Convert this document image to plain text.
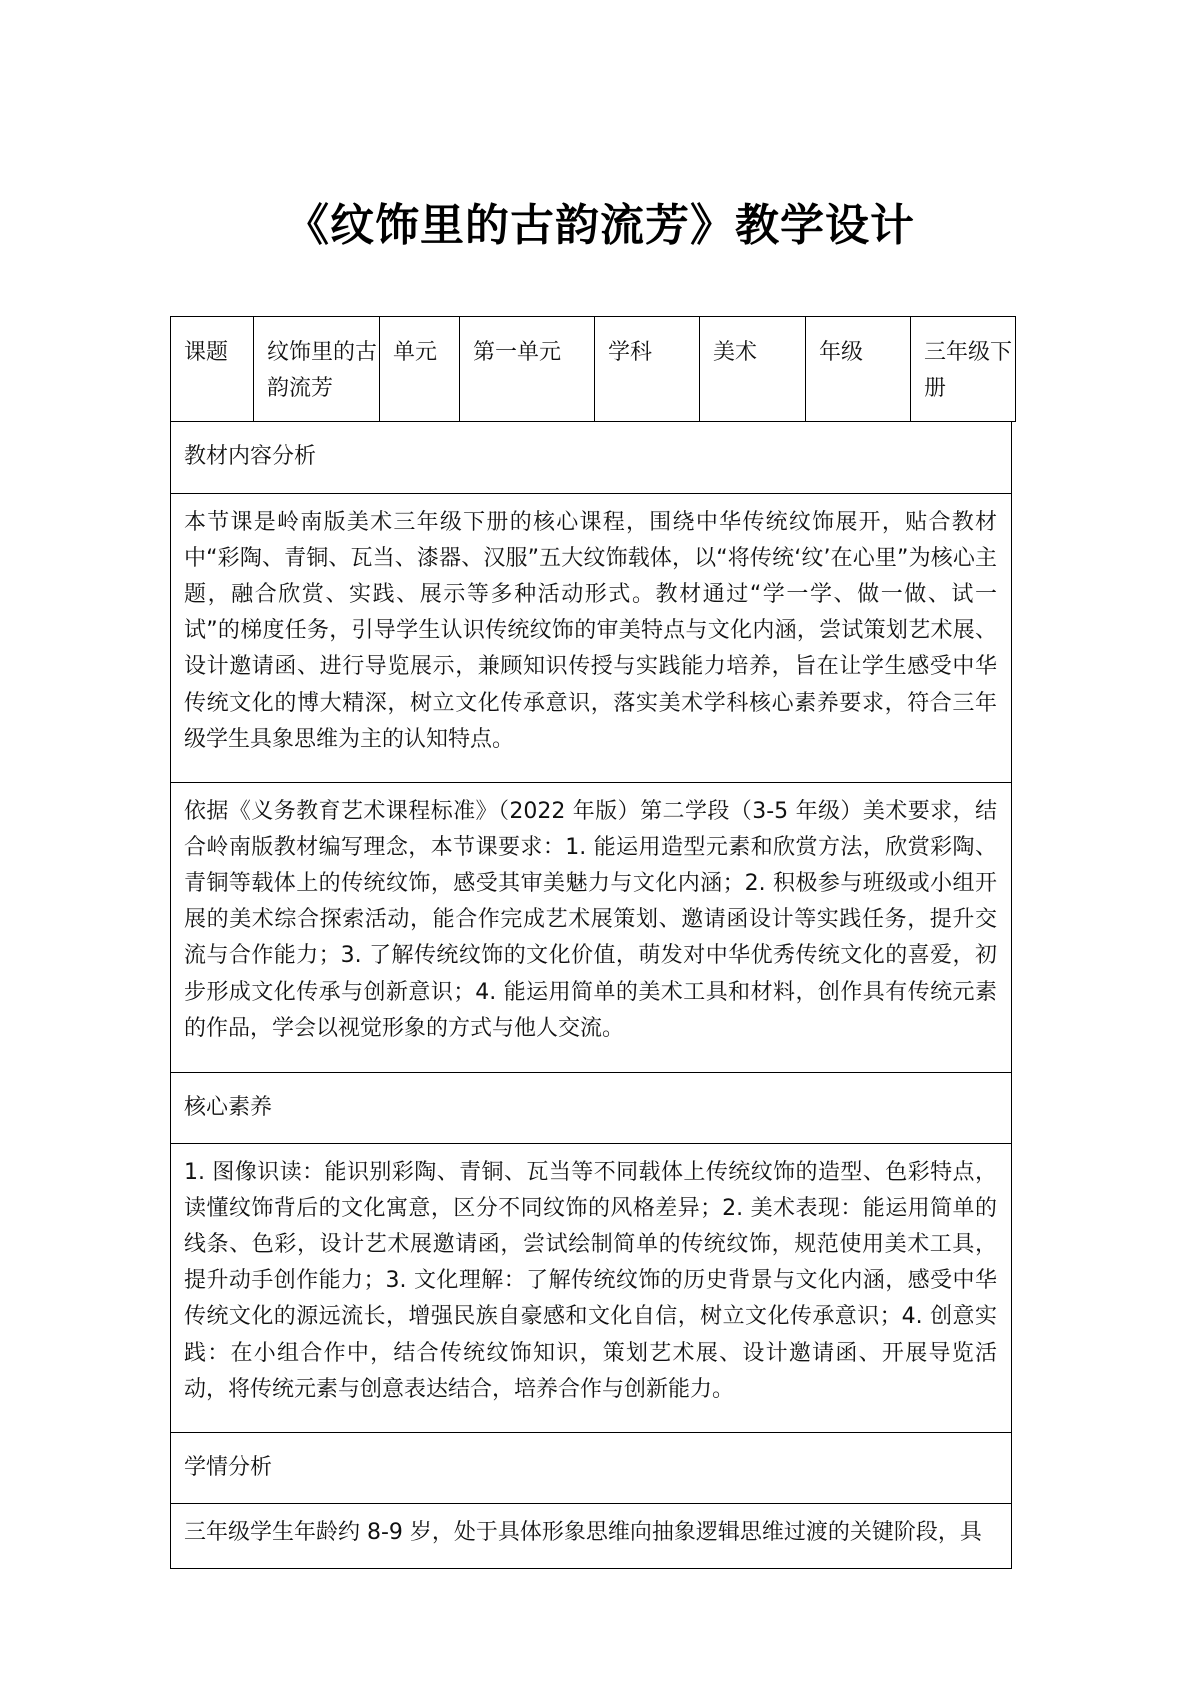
《纹饰里的古韵流芳》教学设计
课题	纹饰里的古韵流芳	单元	第一单元	学科	美术	年级	三年级下册
教材内容分析
本节课是岭南版美术三年级下册的核心课程，围绕中华传统纹饰展开，贴合教材中“彩陶、青铜、瓦当、漆器、汉服”五大纹饰载体，以“将传统‘纹’在心里”为核心主题，融合欣赏、实践、展示等多种活动形式。教材通过“学一学、做一做、试一试”的梯度任务，引导学生认识传统纹饰的审美特点与文化内涵，尝试策划艺术展、设计邀请函、进行导览展示，兼顾知识传授与实践能力培养，旨在让学生感受中华传统文化的博大精深，树立文化传承意识，落实美术学科核心素养要求，符合三年级学生具象思维为主的认知特点。
依据《义务教育艺术课程标准》（2022 年版）第二学段（3-5 年级）美术要求，结合岭南版教材编写理念，本节课要求：1. 能运用造型元素和欣赏方法，欣赏彩陶、青铜等载体上的传统纹饰，感受其审美魅力与文化内涵；2. 积极参与班级或小组开展的美术综合探索活动，能合作完成艺术展策划、邀请函设计等实践任务，提升交流与合作能力；3. 了解传统纹饰的文化价值，萌发对中华优秀传统文化的喜爱，初步形成文化传承与创新意识；4. 能运用简单的美术工具和材料，创作具有传统元素的作品，学会以视觉形象的方式与他人交流。
核心素养
1. 图像识读：能识别彩陶、青铜、瓦当等不同载体上传统纹饰的造型、色彩特点，读懂纹饰背后的文化寓意，区分不同纹饰的风格差异；2. 美术表现：能运用简单的线条、色彩，设计艺术展邀请函，尝试绘制简单的传统纹饰，规范使用美术工具，提升动手创作能力；3. 文化理解：了解传统纹饰的历史背景与文化内涵，感受中华传统文化的源远流长，增强民族自豪感和文化自信，树立文化传承意识；4. 创意实践：在小组合作中，结合传统纹饰知识，策划艺术展、设计邀请函、开展导览活动，将传统元素与创意表达结合，培养合作与创新能力。
学情分析
三年级学生年龄约 8-9 岁，处于具体形象思维向抽象逻辑思维过渡的关键阶段，具
